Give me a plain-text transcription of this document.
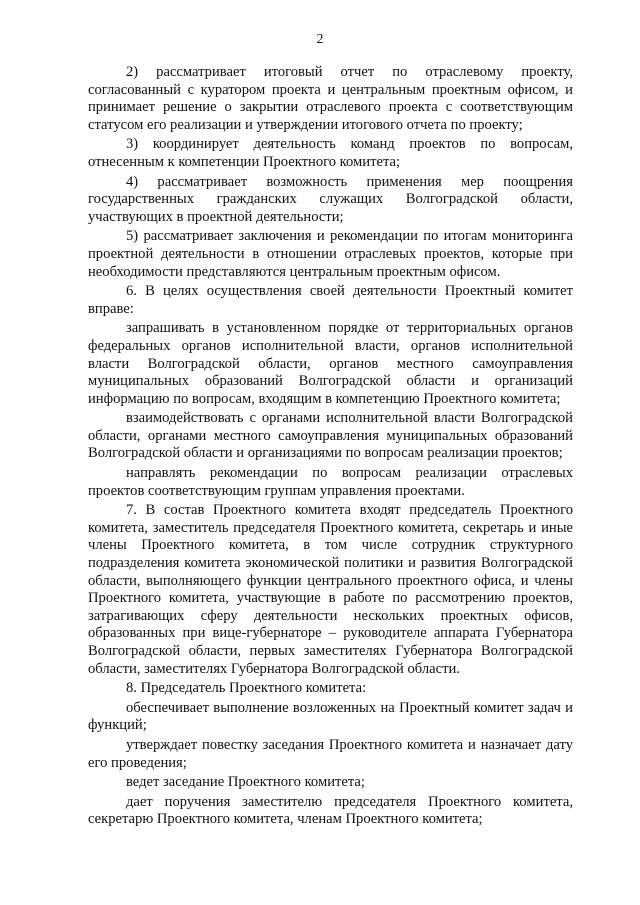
2

2) рассматривает итоговый отчет по отраслевому проекту, согласованный с куратором проекта и центральным проектным офисом, и принимает решение о закрытии отраслевого проекта с соответствующим статусом его реализации и утверждении итогового отчета по проекту;

3) координирует деятельность команд проектов по вопросам, отнесенным к компетенции Проектного комитета;

4) рассматривает возможность применения мер поощрения государственных гражданских служащих Волгоградской области, участвующих в проектной деятельности;

5) рассматривает заключения и рекомендации по итогам мониторинга проектной деятельности в отношении отраслевых проектов, которые при необходимости представляются центральным проектным офисом.

6. В целях осуществления своей деятельности Проектный комитет вправе:

запрашивать в установленном порядке от территориальных органов федеральных органов исполнительной власти, органов исполнительной власти Волгоградской области, органов местного самоуправления муниципальных образований Волгоградской области и организаций информацию по вопросам, входящим в компетенцию Проектного комитета;

взаимодействовать с органами исполнительной власти Волгоградской области, органами местного самоуправления муниципальных образований Волгоградской области и организациями по вопросам реализации проектов;

направлять рекомендации по вопросам реализации отраслевых проектов соответствующим группам управления проектами.

7. В состав Проектного комитета входят председатель Проектного комитета, заместитель председателя Проектного комитета, секретарь и иные члены Проектного комитета, в том числе сотрудник структурного подразделения комитета экономической политики и развития Волгоградской области, выполняющего функции центрального проектного офиса, и члены Проектного комитета, участвующие в работе по рассмотрению проектов, затрагивающих сферу деятельности нескольких проектных офисов, образованных при вице-губернаторе – руководителе аппарата Губернатора Волгоградской области, первых заместителях Губернатора Волгоградской области, заместителях Губернатора Волгоградской области.

8. Председатель Проектного комитета:

обеспечивает выполнение возложенных на Проектный комитет задач и функций;

утверждает повестку заседания Проектного комитета и назначает дату его проведения;

ведет заседание Проектного комитета;

дает поручения заместителю председателя Проектного комитета, секретарю Проектного комитета, членам Проектного комитета;
